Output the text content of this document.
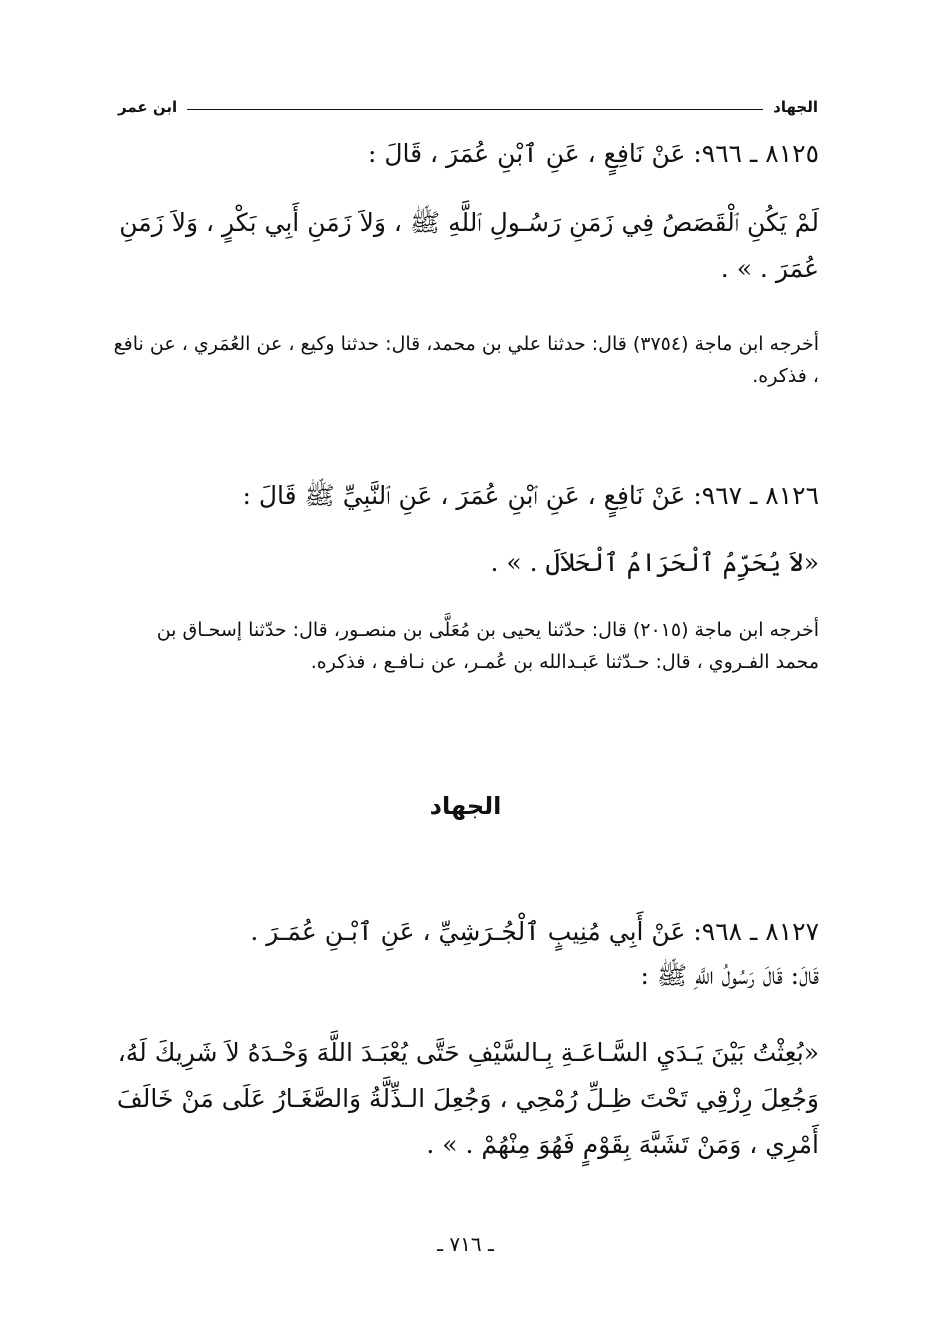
الجهاد
ابن عمر
٨١٢٥ ـ ٩٦٦: عَنْ نَافِعٍ ، عَنِ ٱبْنِ عُمَرَ ، قَالَ :
لَمْ يَكُنِ ٱلْقَصَصُ فِي زَمَنِ رَسُـولِ ٱللَّهِ ﷺ ، وَلاَ زَمَنِ أَبِي بَكْرٍ ، وَلاَ زَمَنِ عُمَرَ . » .
أخرجه ابن ماجة (٣٧٥٤) قال: حدثنا علي بن محمد، قال: حدثنا وكيع ، عن العُمَري ، عن نافع ، فذكره.
٨١٢٦ ـ ٩٦٧: عَنْ نَافِعٍ ، عَنِ ٱبْنِ عُمَرَ ، عَنِ ٱلنَّبِيِّ ﷺ قَالَ :
«لاَ يُحَرِّمُ ٱلْحَرَامُ ٱلْحَلاَلَ . » .
أخرجه ابن ماجة (٢٠١٥) قال: حدّثنا يحيى بن مُعَلَّى بن منصـور، قال: حدّثنا إسحـاق بن محمد الفـروي ، قال: حـدّثنا عَبـدالله بن عُمـر، عن نـافـع ، فذكره.
الجهاد
٨١٢٧ ـ ٩٦٨: عَنْ أَبِي مُنِيبٍ ٱلْجُـرَشِيِّ ، عَنِ ٱبْـنِ عُمَـرَ .
قَالَ: قَالَ رَسُولُ اللَّهِ ﷺ :
«بُعِثْتُ بَيْنَ يَـدَيِ السَّـاعَـةِ بِـالسَّيْفِ حَتَّى يُعْبَـدَ اللَّهَ وَحْـدَهُ لاَ شَرِيكَ لَهُ، وَجُعِلَ رِزْقِي تَحْتَ ظِـلِّ رُمْحِي ، وَجُعِلَ الـذِّلَّةُ وَالصَّغَـارُ عَلَى مَنْ خَالَفَ أَمْرِي ، وَمَنْ تَشَبَّهَ بِقَوْمٍ فَهُوَ مِنْهُمْ . » .
ـ ٧١٦ ـ
